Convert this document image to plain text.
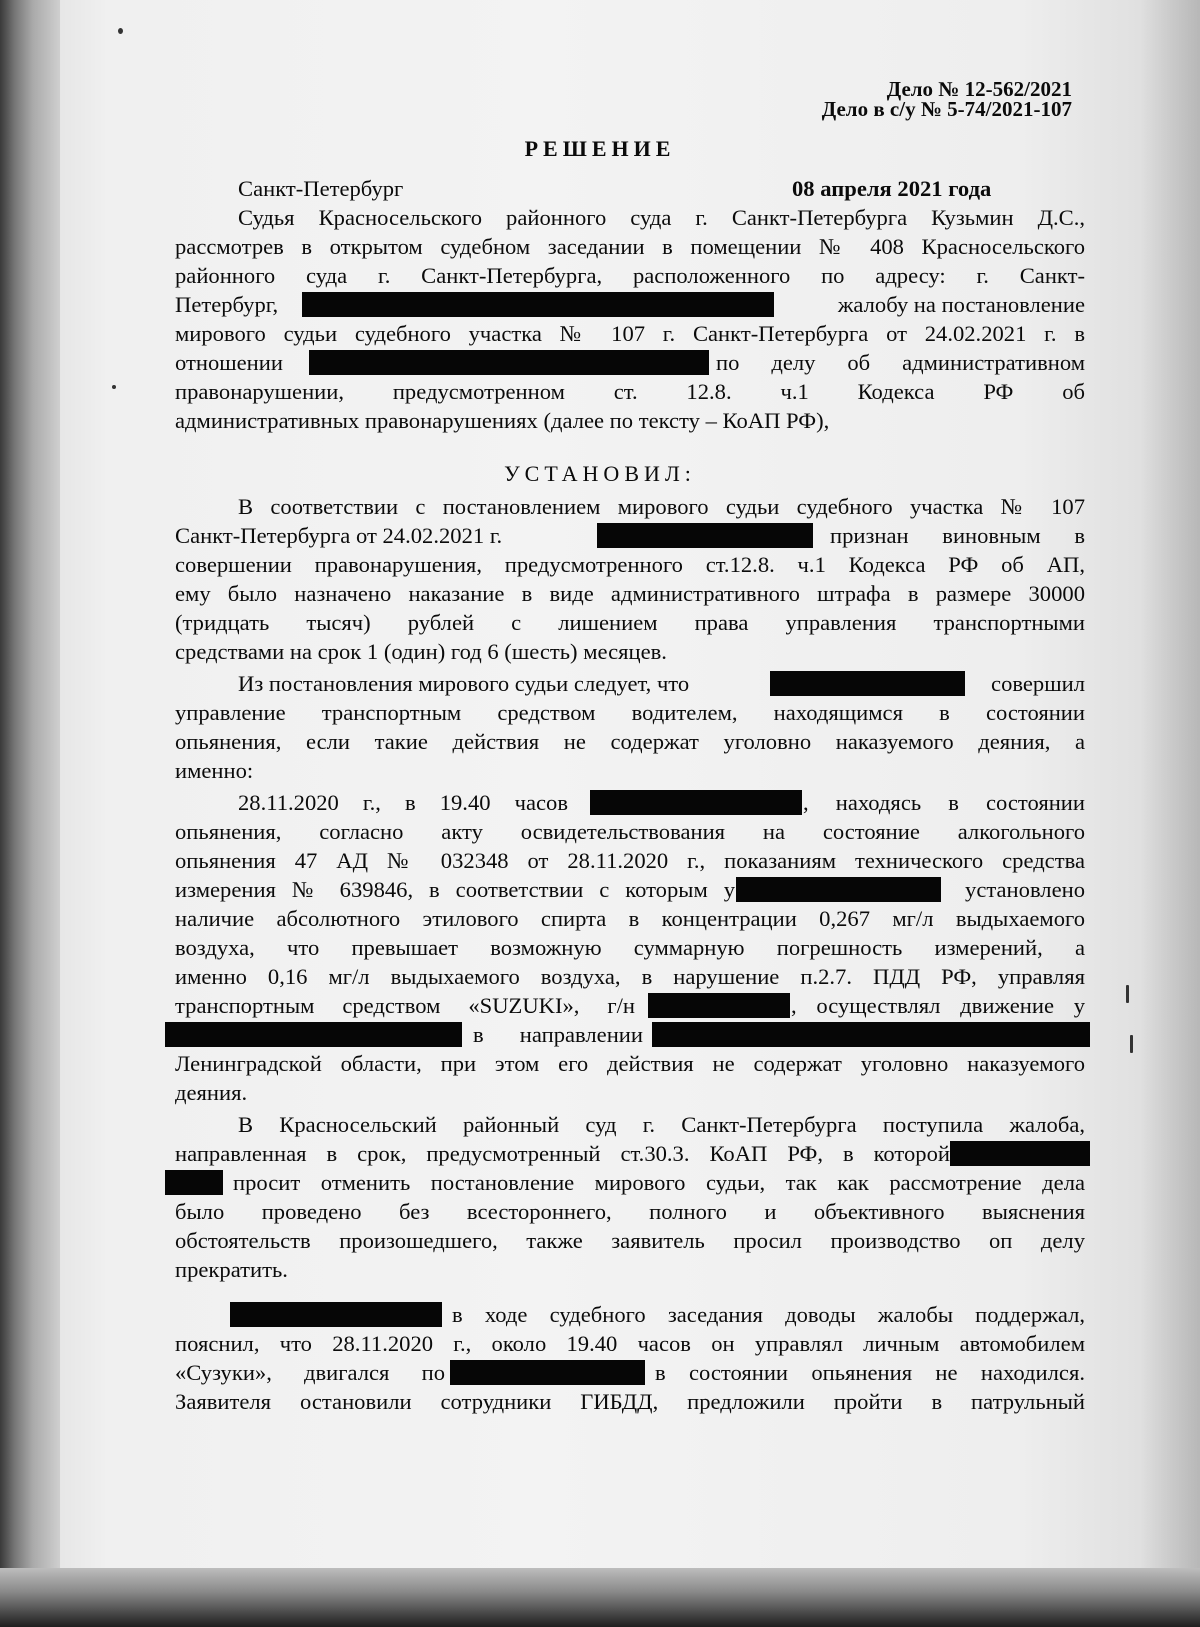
Дело № 12-562/2021
Дело в с/у № 5-74/2021-107
РЕШЕНИЕ
Санкт-Петербург	08 апреля 2021 года
Судья Красносельского районного суда г. Санкт-Петербурга Кузьмин Д.С.,
рассмотрев в открытом судебном заседании в помещении № 408 Красносельского
районного суда г. Санкт-Петербурга, расположенного по адресу: г. Санкт-
Петербург,	жалобу на постановление
мирового судьи судебного участка № 107 г. Санкт-Петербурга от 24.02.2021 г. в
отношении	по делу об административном
правонарушении, предусмотренном ст. 12.8. ч.1 Кодекса РФ об
административных правонарушениях (далее по тексту – КоАП РФ),
УСТАНОВИЛ:
В соответствии с постановлением мирового судьи судебного участка № 107
Санкт-Петербурга от 24.02.2021 г.	признан виновным в
совершении правонарушения, предусмотренного ст.12.8. ч.1 Кодекса РФ об АП,
ему было назначено наказание в виде административного штрафа в размере 30000
(тридцать тысяч) рублей с лишением права управления транспортными
средствами на срок 1 (один) год 6 (шесть) месяцев.
Из постановления мирового судьи следует, что	совершил
управление транспортным средством водителем, находящимся в состоянии
опьянения, если такие действия не содержат уголовно наказуемого деяния, а
именно:
28.11.2020 г., в 19.40 часов	, находясь в состоянии
опьянения, согласно акту освидетельствования на состояние алкогольного
опьянения 47 АД № 032348 от 28.11.2020 г., показаниям технического средства
измерения № 639846, в соответствии с которым у	установлено
наличие абсолютного этилового спирта в концентрации 0,267 мг/л выдыхаемого
воздуха, что превышает возможную суммарную погрешность измерений, а
именно 0,16 мг/л выдыхаемого воздуха, в нарушение п.2.7. ПДД РФ, управляя
транспортным средством «SUZUKI», г/н	, осуществлял движение у
в направлении
Ленинградской области, при этом его действия не содержат уголовно наказуемого
деяния.
В Красносельский районный суд г. Санкт-Петербурга поступила жалоба,
направленная в срок, предусмотренный ст.30.3. КоАП РФ, в которой
просит отменить постановление мирового судьи, так как рассмотрение дела
было проведено без всестороннего, полного и объективного выяснения
обстоятельств произошедшего, также заявитель просил производство оп делу
прекратить.
в ходе судебного заседания доводы жалобы поддержал,
пояснил, что 28.11.2020 г., около 19.40 часов он управлял личным автомобилем
«Сузуки», двигался по	в состоянии опьянения не находился.
Заявителя остановили сотрудники ГИБДД, предложили пройти в патрульный
